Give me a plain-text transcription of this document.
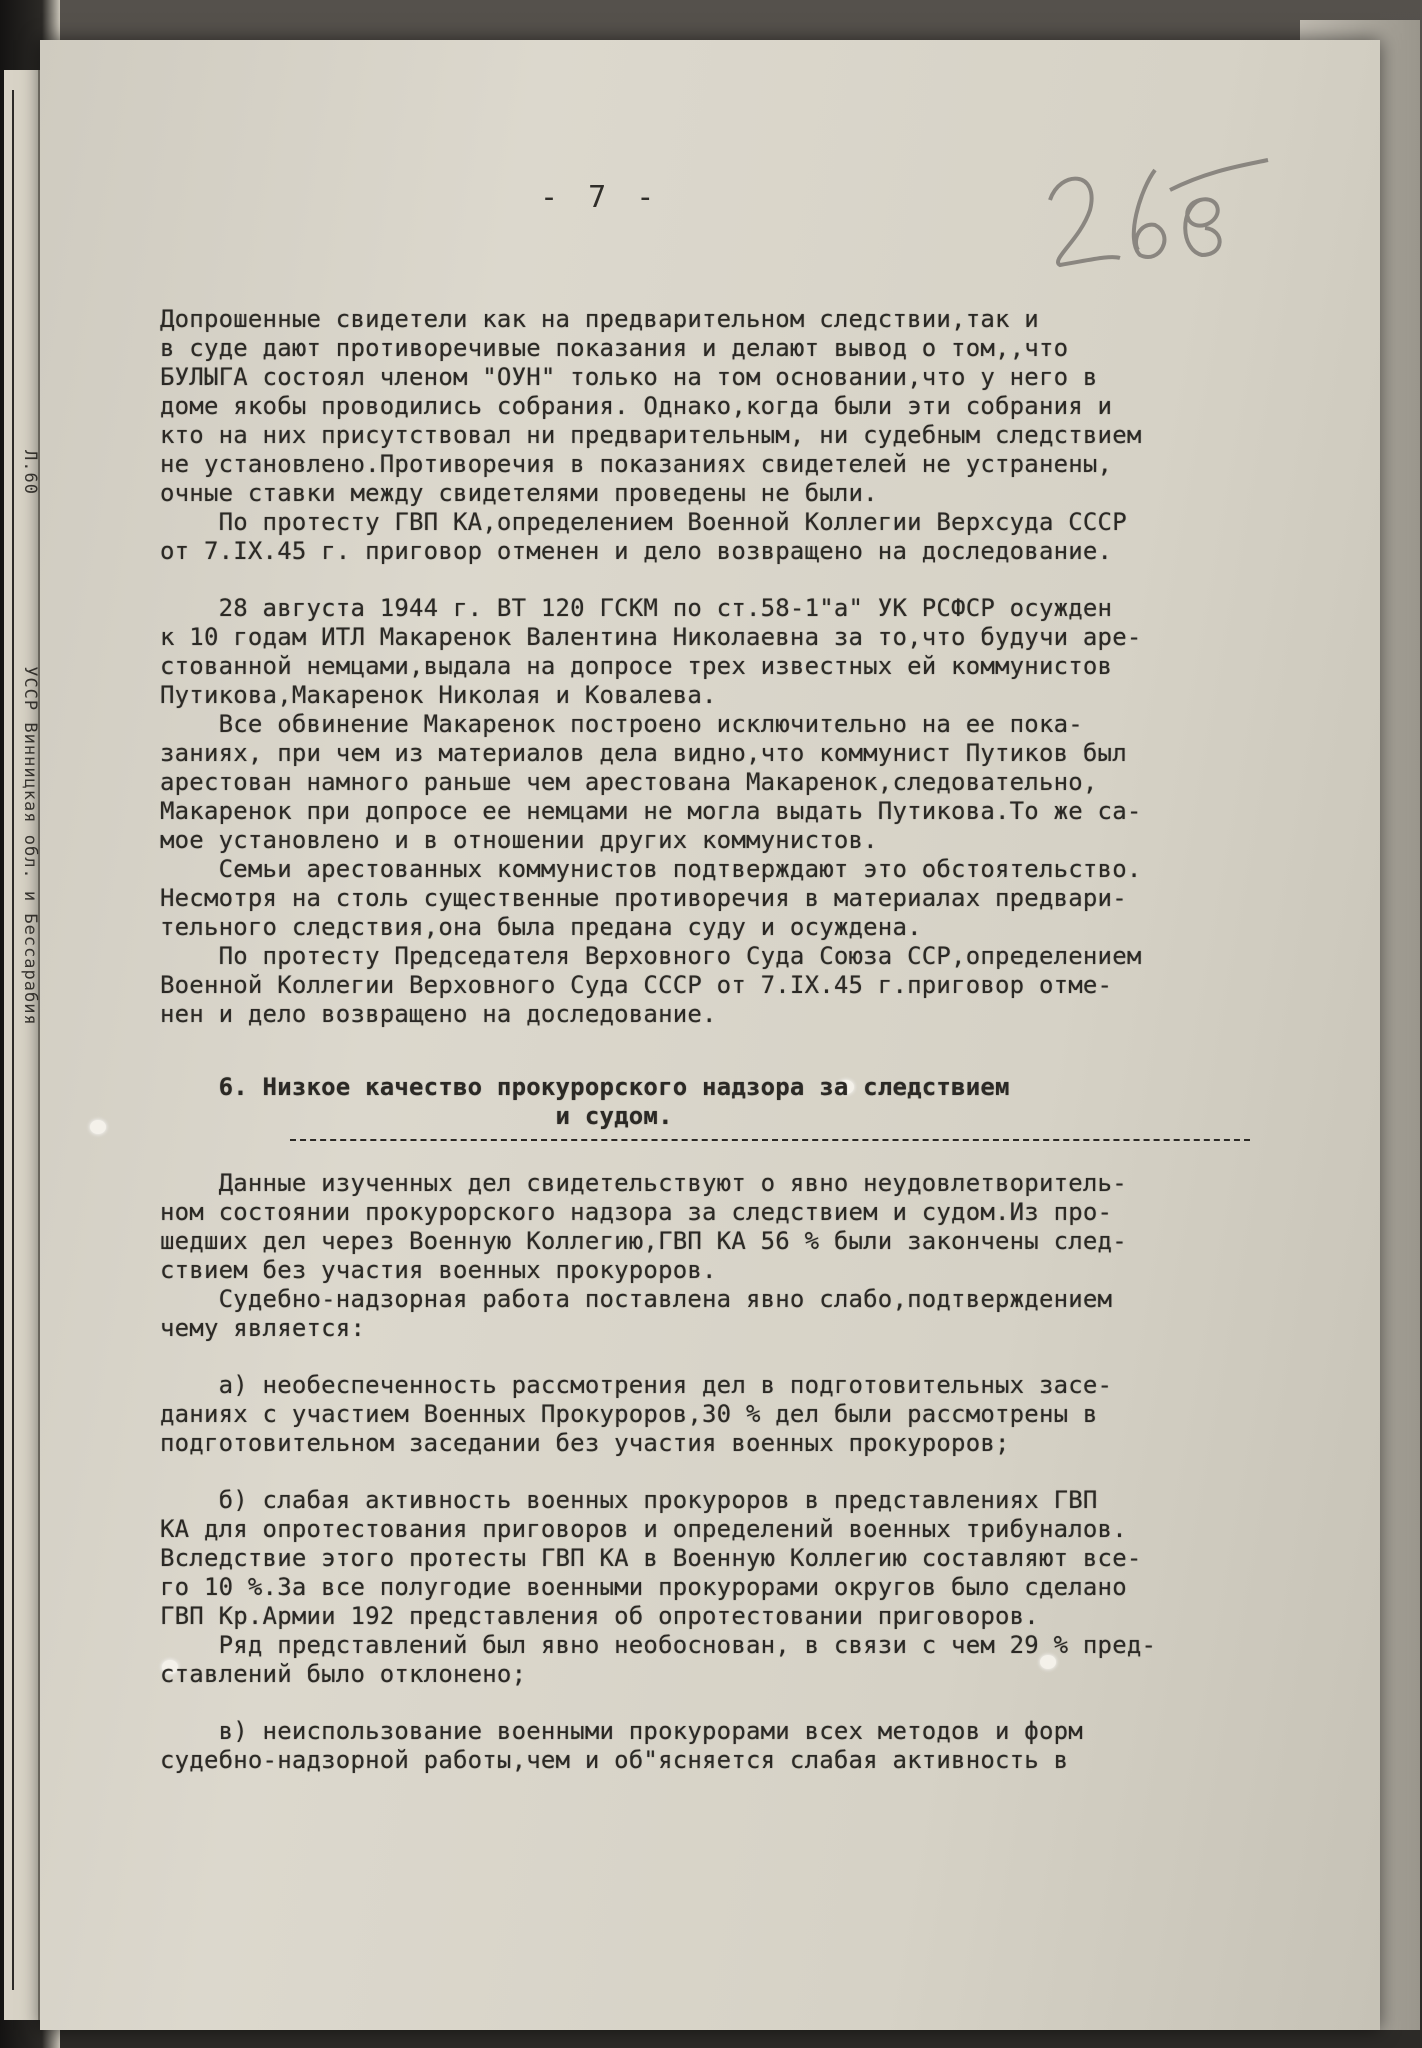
Л.60 УССР Винницкая обл. и Бессарабия
- 7 -

Допрошенные свидетели как на предварительном следствии,так и

в суде дают противоречивые показания и делают вывод о том,,что

БУЛЫГА состоял членом "ОУН" только на том основании,что у него в

доме якобы проводились собрания. Однако,когда были эти собрания и

кто на них присутствовал ни предварительным, ни судебным следствием

не установлено.Противоречия в показаниях свидетелей не устранены,

очные ставки между свидетелями проведены не были.

По протесту ГВП КА,определением Военной Коллегии Верхсуда СССР

от 7.IX.45 г. приговор отменен и дело возвращено на доследование.

28 августа 1944 г. ВТ 120 ГСКМ по ст.58-1"а" УК РСФСР осужден

к 10 годам ИТЛ Макаренок Валентина Николаевна за то,что будучи аре-

стованной немцами,выдала на допросе трех известных ей коммунистов

Путикова,Макаренок Николая и Ковалева.

Все обвинение Макаренок построено исключительно на ее пока-

заниях, при чем из материалов дела видно,что коммунист Путиков был

арестован намного раньше чем арестована Макаренок,следовательно,

Макаренок при допросе ее немцами не могла выдать Путикова.То же са-

мое установлено и в отношении других коммунистов.

Семьи арестованных коммунистов подтверждают это обстоятельство.

Несмотря на столь существенные противоречия в материалах предвари-

тельного следствия,она была предана суду и осуждена.

По протесту Председателя Верховного Суда Союза ССР,определением

Военной Коллегии Верховного Суда СССР от 7.IX.45 г.приговор отме-

нен и дело возвращено на доследование.

6. Низкое качество прокурорского надзора за следствием

и судом.

Данные изученных дел свидетельствуют о явно неудовлетворитель-

ном состоянии прокурорского надзора за следствием и судом.Из про-

шедших дел через Военную Коллегию,ГВП КА 56 % были закончены след-

ствием без участия военных прокуроров.

Судебно-надзорная работа поставлена явно слабо,подтверждением

чему является:

а) необеспеченность рассмотрения дел в подготовительных засе-

даниях с участием Военных Прокуроров,30 % дел были рассмотрены в

подготовительном заседании без участия военных прокуроров;

б) слабая активность военных прокуроров в представлениях ГВП

КА для опротестования приговоров и определений военных трибуналов.

Вследствие этого протесты ГВП КА в Военную Коллегию составляют все-

го 10 %.За все полугодие военными прокурорами округов было сделано

ГВП Кр.Армии 192 представления об опротестовании приговоров.

Ряд представлений был явно необоснован, в связи с чем 29 % пред-

ставлений было отклонено;

в) неиспользование военными прокурорами всех методов и форм

судебно-надзорной работы,чем и об"ясняется слабая активность в
